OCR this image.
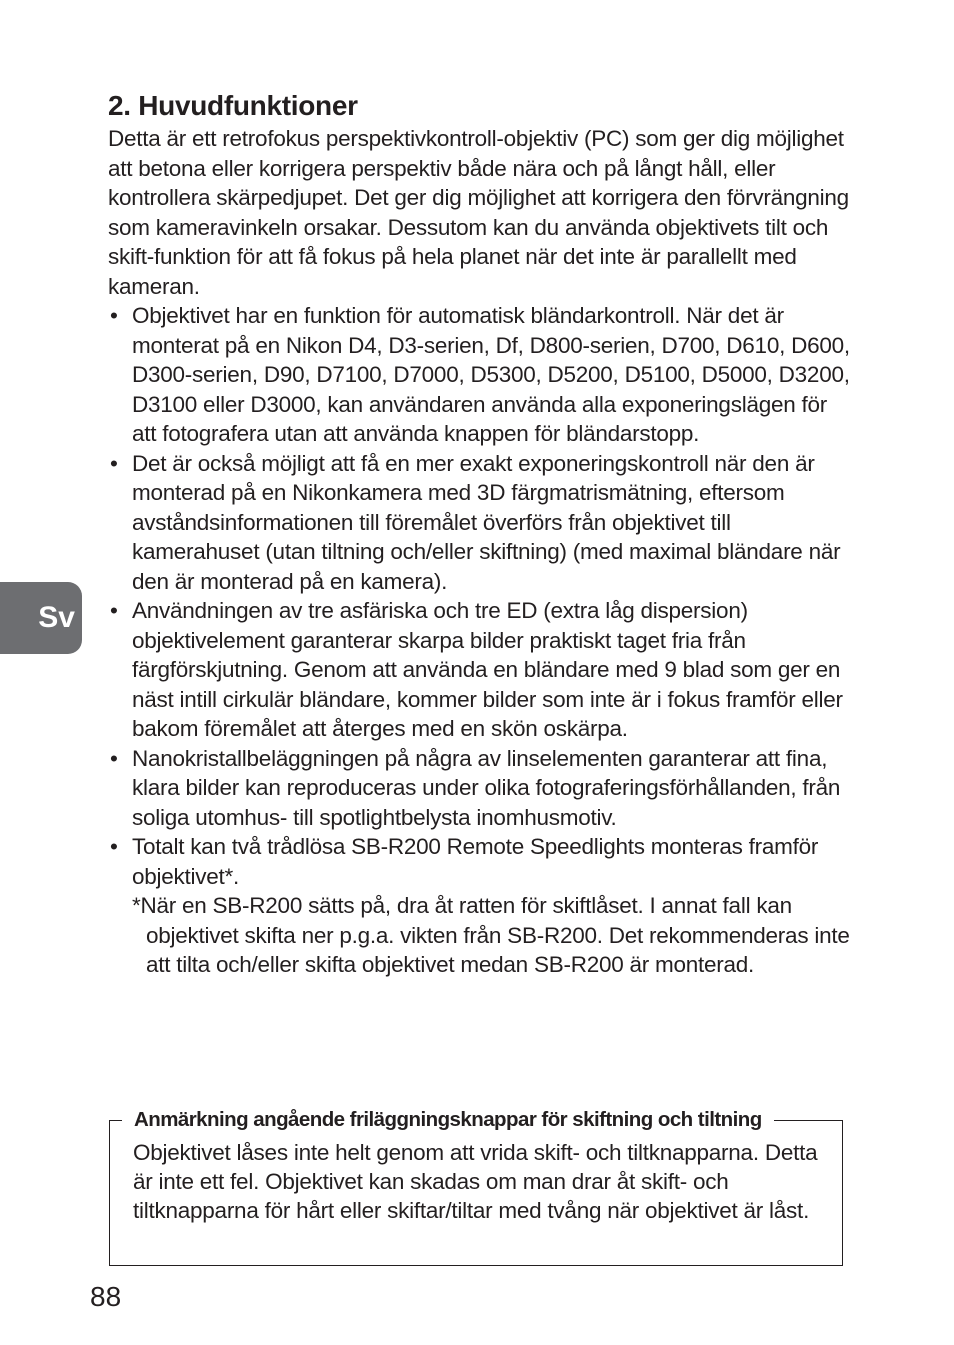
2. Huvudfunktioner

Detta är ett retrofokus perspektivkontroll-objektiv (PC) som ger dig möjlighet att betona eller korrigera perspektiv både nära och på långt håll, eller kontrollera skärpedjupet. Det ger dig möjlighet att korrigera den förvrängning som kameravinkeln orsakar. Dessutom kan du använda objektivets tilt och skift-funktion för att få fokus på hela planet när det inte är parallellt med kameran.

• Objektivet har en funktion för automatisk bländarkontroll. När det är monterat på en Nikon D4, D3-serien, Df, D800-serien, D700, D610, D600, D300-serien, D90, D7100, D7000, D5300, D5200, D5100, D5000, D3200, D3100 eller D3000, kan användaren använda alla exponeringslägen för att fotografera utan att använda knappen för bländarstopp.
• Det är också möjligt att få en mer exakt exponeringskontroll när den är monterad på en Nikonkamera med 3D färgmatrismätning, eftersom avståndsinformationen till föremålet överförs från objektivet till kamerahuset (utan tiltning och/eller skiftning) (med maximal bländare när den är monterad på en kamera).
• Användningen av tre asfäriska och tre ED (extra låg dispersion) objektivelement garanterar skarpa bilder praktiskt taget fria från färgförskjutning. Genom att använda en bländare med 9 blad som ger en näst intill cirkulär bländare, kommer bilder som inte är i fokus framför eller bakom föremålet att återges med en skön oskärpa.
• Nanokristallbeläggningen på några av linselementen garanterar att fina, klara bilder kan reproduceras under olika fotograferingsförhållanden, från soliga utomhus- till spotlightbelysta inomhusmotiv.
• Totalt kan två trådlösa SB-R200 Remote Speedlights monteras framför objektivet*.

*När en SB-R200 sätts på, dra åt ratten för skiftlåset. I annat fall kan objektivet skifta ner p.g.a. vikten från SB-R200. Det rekommenderas inte att tilta och/eller skifta objektivet medan SB-R200 är monterad.

Anmärkning angående friläggningsknappar för skiftning och tiltning
Objektivet låses inte helt genom att vrida skift- och tiltknapparna. Detta är inte ett fel. Objektivet kan skadas om man drar åt skift- och tiltknapparna för hårt eller skiftar/tiltar med tvång när objektivet är låst.
Sv
88
